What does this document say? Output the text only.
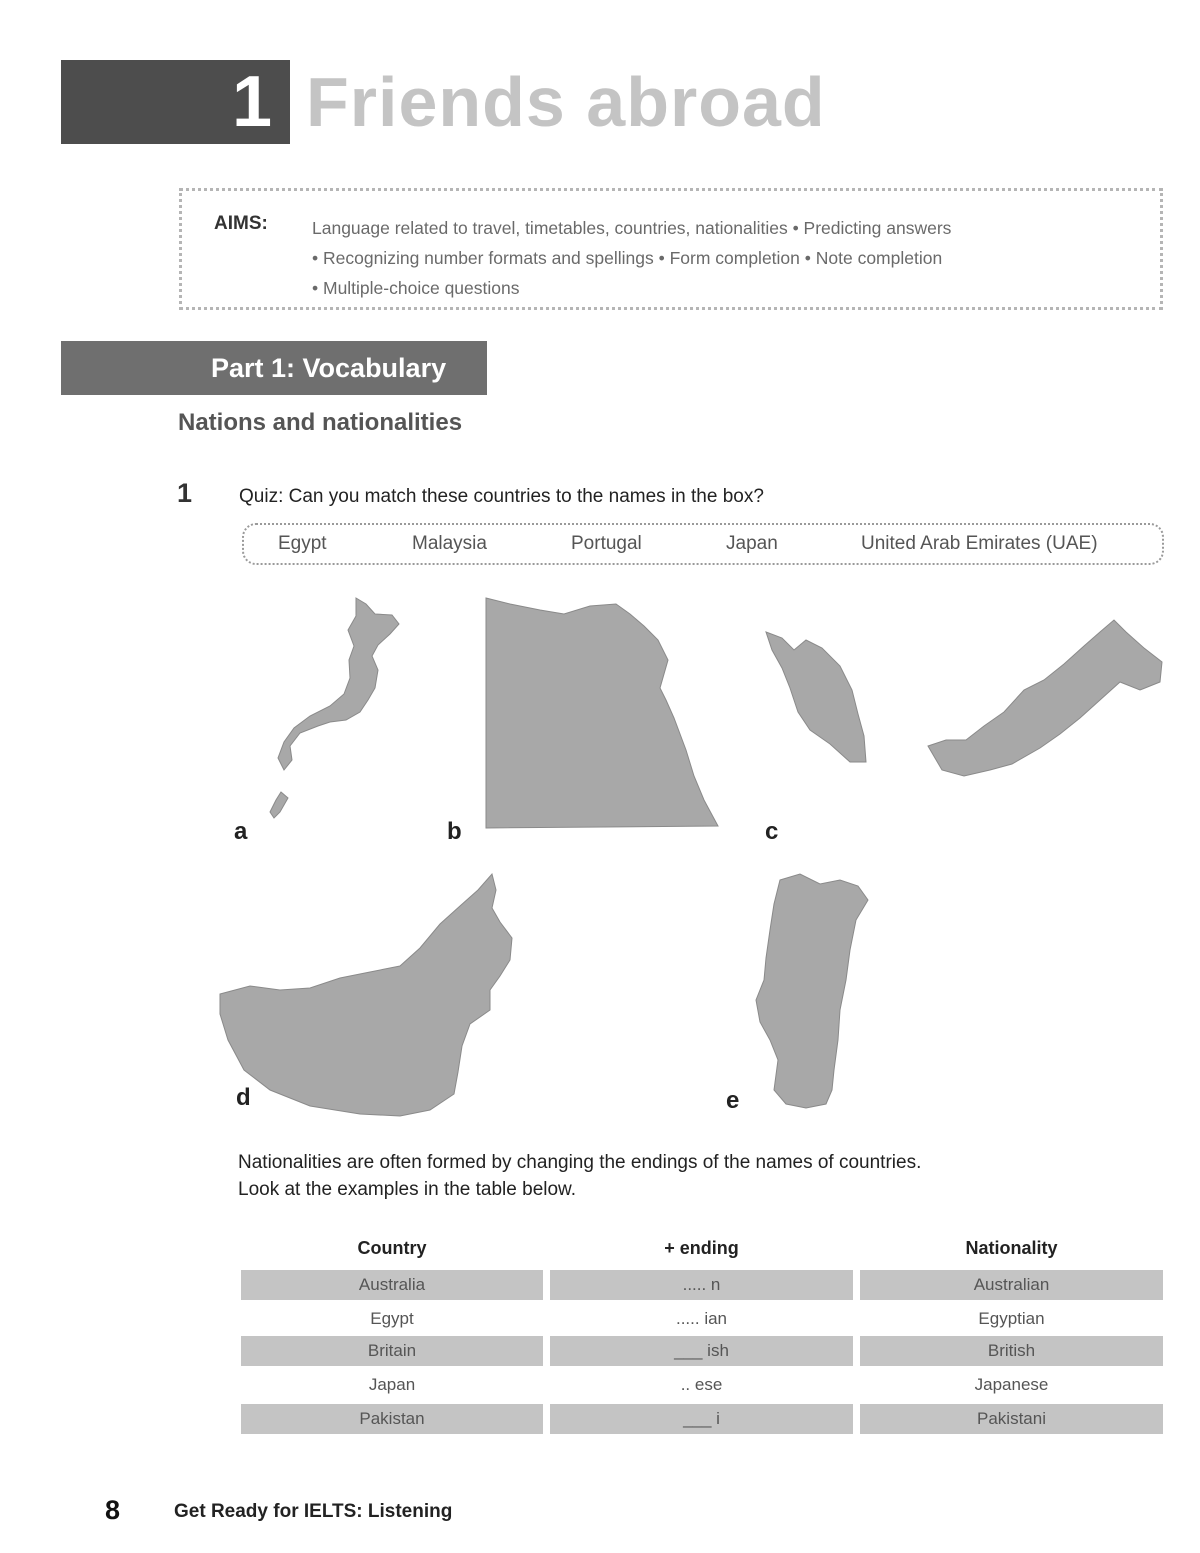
1 Friends abroad
AIMS:	Language related to travel, timetables, countries, nationalities • Predicting answers
• Recognizing number formats and spellings • Form completion • Note completion
• Multiple-choice questions
Part 1: Vocabulary
Nations and nationalities
1 Quiz: Can you match these countries to the names in the box?
Egypt	Malaysia	Portugal	Japan	United Arab Emirates (UAE)
a	b	c
d	e
Nationalities are often formed by changing the endings of the names of countries.
Look at the examples in the table below.
Country	+ ending	Nationality
Australia	..... n	Australian
Egypt	..... ian	Egyptian
Britain	___ ish	British
Japan	.. ese	Japanese
Pakistan	___ i	Pakistani
8	Get Ready for IELTS: Listening
